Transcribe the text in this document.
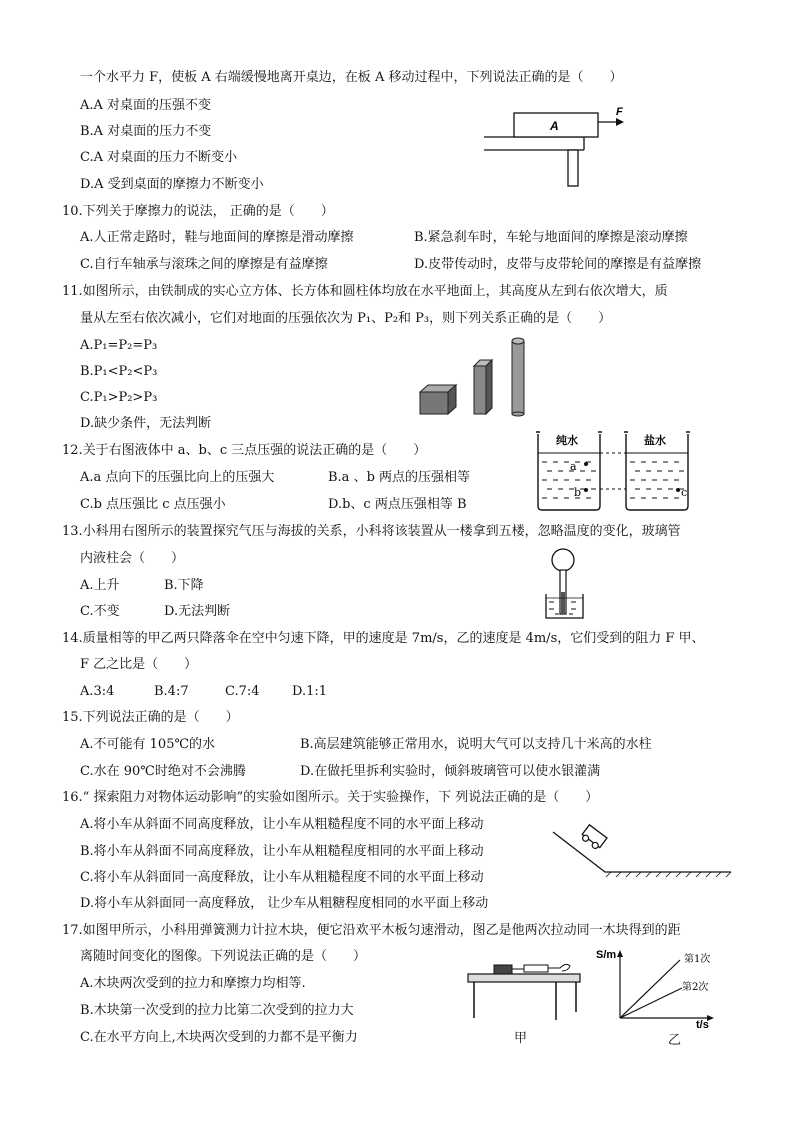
一个水平力 F，使板 A 右端缓慢地离开桌边，在板 A 移动过程中，下列说法正确的是（　　）
A.A 对桌面的压强不变
B.A 对桌面的压力不变
C.A 对桌面的压力不断变小
D.A 受到桌面的摩擦力不断变小
A
F
10.下列关于摩擦力的说法， 正确的是（　　）
A.人正常走路时，鞋与地面间的摩擦是滑动摩擦	B.紧急刹车时，车轮与地面间的摩擦是滚动摩擦
C.自行车轴承与滚珠之间的摩擦是有益摩擦	D.皮带传动时，皮带与皮带轮间的摩擦是有益摩擦
11.如图所示，由铁制成的实心立方体、长方体和圆柱体均放在水平地面上，其高度从左到右依次增大，质
量从左至右依次减小，它们对地面的压强依次为 P₁、P₂和 P₃，则下列关系正确的是（　　）
A.P₁=P₂=P₃
B.P₁<P₂<P₃
C.P₁>P₂>P₃
D.缺少条件，无法判断
12.关于右图液体中 a、b、c 三点压强的说法正确的是（　　）
A.a 点向下的压强比向上的压强大	B.a 、b 两点的压强相等
C.b 点压强比 c 点压强小	D.b、c 两点压强相等 B
纯水	盐水
a
b	c
13.小科用右图所示的装置探究气压与海拔的关系，小科将该装置从一楼拿到五楼，忽略温度的变化，玻璃管
内液柱会（　　）
A.上升	B.下降
C.不变	D.无法判断
14.质量相等的甲乙两只降落伞在空中匀速下降，甲的速度是 7m/s，乙的速度是 4m/s，它们受到的阻力 F 甲、
F 乙之比是（　　）
A.3:4	B.4:7	C.7:4 D.1:1
15.下列说法正确的是（　　）
A.不可能有 105℃的水	B.高层建筑能够正常用水，说明大气可以支持几十米高的水柱
C.水在 90℃时绝对不会沸腾	D.在做托里拆利实验时，倾斜玻璃管可以使水银灌满
16.“ 探索阻力对物体运动影响”的实验如图所示。关于实验操作，下 列说法正确的是（　　）
A.将小车从斜面不同高度释放，让小车从粗糙程度不同的水平面上移动
B.将小车从斜面不同高度释放，让小车从粗糙程度相同的水平面上移动
C.将小车从斜面同一高度释放，让小车从粗糙程度不同的水平面上移动
D.将小车从斜面同一高度释放， 让少车从粗糖程度相同的水平面上移动
17.如图甲所示，小科用弹簧测力计拉木块，便它沿欢平木板匀速滑动，图乙是他两次拉动同一木块得到的距
离随时间变化的图像。下列说法正确的是（　　）
A.木块两次受到的拉力和摩擦力均相等.
B.木块第一次受到的拉力比第二次受到的拉力大
C.在水平方向上,木块两次受到的力都不是平衡力	甲
S/m
t/s
第1次
第2次
乙
